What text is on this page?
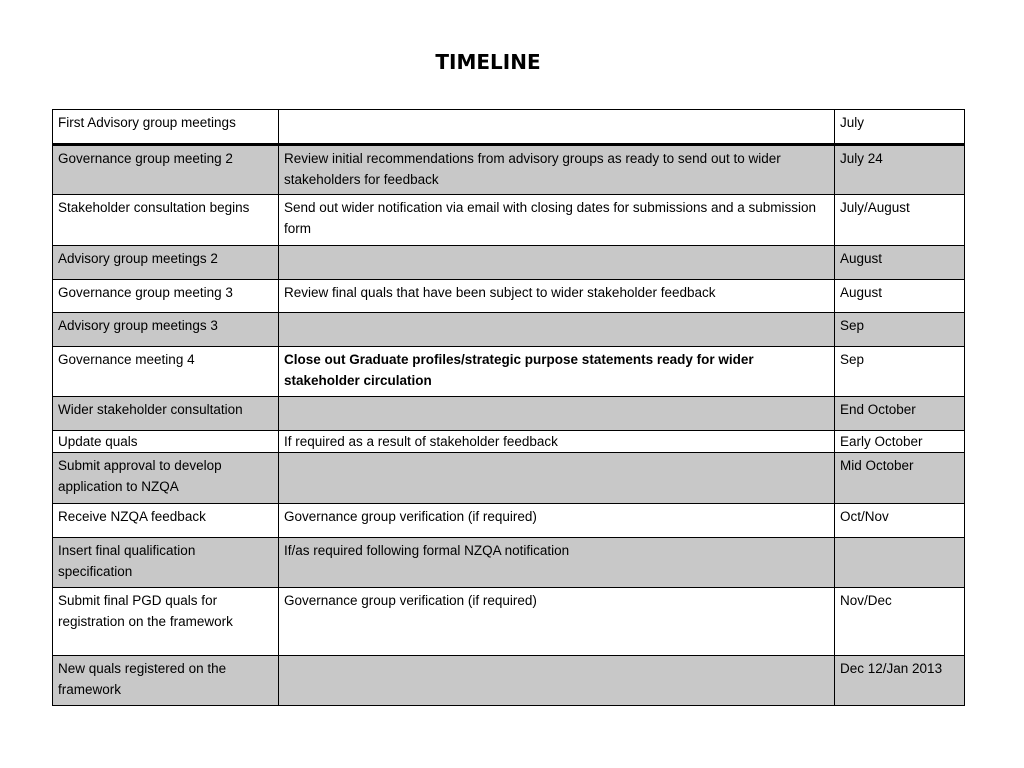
TIMELINE
First Advisory group meetings		July
Governance group meeting 2	Review initial recommendations from advisory groups as ready to send out to wider stakeholders for feedback	July 24
Stakeholder consultation begins	Send out wider notification via email with closing dates for submissions and a submission form	July/August
Advisory group meetings 2		August
Governance group meeting 3	Review final quals that have been subject to wider stakeholder feedback	August
Advisory group meetings 3		Sep
Governance meeting 4	Close out Graduate profiles/strategic purpose statements ready for wider stakeholder circulation	Sep
Wider stakeholder consultation		End October
Update quals	If required as a result of stakeholder feedback	Early October
Submit approval to develop application to NZQA		Mid October
Receive NZQA feedback	Governance group verification (if required)	Oct/Nov
Insert final qualification specification	If/as required following formal NZQA notification	
Submit final PGD quals for registration on the framework	Governance group verification (if required)	Nov/Dec
New quals registered on the framework		Dec 12/Jan 2013
